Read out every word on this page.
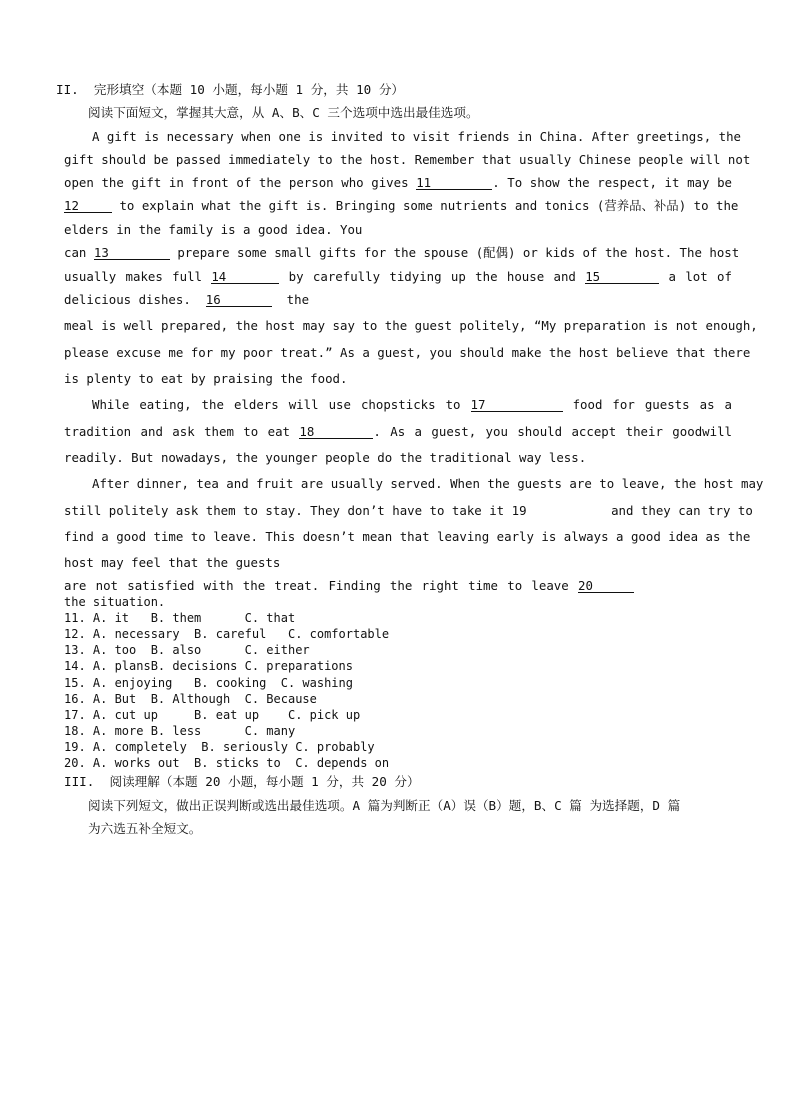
II.  完形填空（本题 10 小题，每小题 1 分，共 10 分）
阅读下面短文，掌握其大意，从 A、B、C 三个选项中选出最佳选项。
A gift is necessary when one is invited to visit friends in China. After greetings, the
gift should be passed immediately to the host. Remember that usually Chinese people will not
open the gift in front of the person who gives 11	. To show the respect, it may be
12	to explain what the gift is. Bringing some nutrients and tonics (营养品、补品) to the
elders in the family is a good idea. You
can 13	prepare some small gifts for the spouse (配偶) or kids of the host. The host
usually makes full 14	by carefully tidying up the house and 15	a lot of
delicious dishes. 16	the
meal is well prepared, the host may say to the guest politely, “My preparation is not enough,
please excuse me for my poor treat.” As a guest, you should make the host believe that there
is plenty to eat by praising the food.
While eating, the elders will use chopsticks to 17	food for guests as a
tradition and ask them to eat 18	. As a guest, you should accept their goodwill
readily. But nowadays, the younger people do the traditional way less.
After dinner, tea and fruit are usually served. When the guests are to leave, the host may
still politely ask them to stay. They don’t have to take it 19	and they can try to
find a good time to leave. This doesn’t mean that leaving early is always a good idea as the
host may feel that the guests
are not satisfied with the treat. Finding the right time to leave 20
the situation.
11. A. it   B. them      C. that
12. A. necessary  B. careful   C. comfortable
13. A. too  B. also      C. either
14. A. plansB. decisions C. preparations
15. A. enjoying   B. cooking  C. washing
16. A. But  B. Although  C. Because
17. A. cut up     B. eat up    C. pick up
18. A. more B. less      C. many
19. A. completely  B. seriously C. probably
20. A. works out  B. sticks to  C. depends on
III.  阅读理解（本题 20 小题，每小题 1 分，共 20 分）
阅读下列短文，做出正误判断或选出最佳选项。A 篇为判断正（A）误（B）题，B、C 篇 为选择题，D 篇
为六选五补全短文。
